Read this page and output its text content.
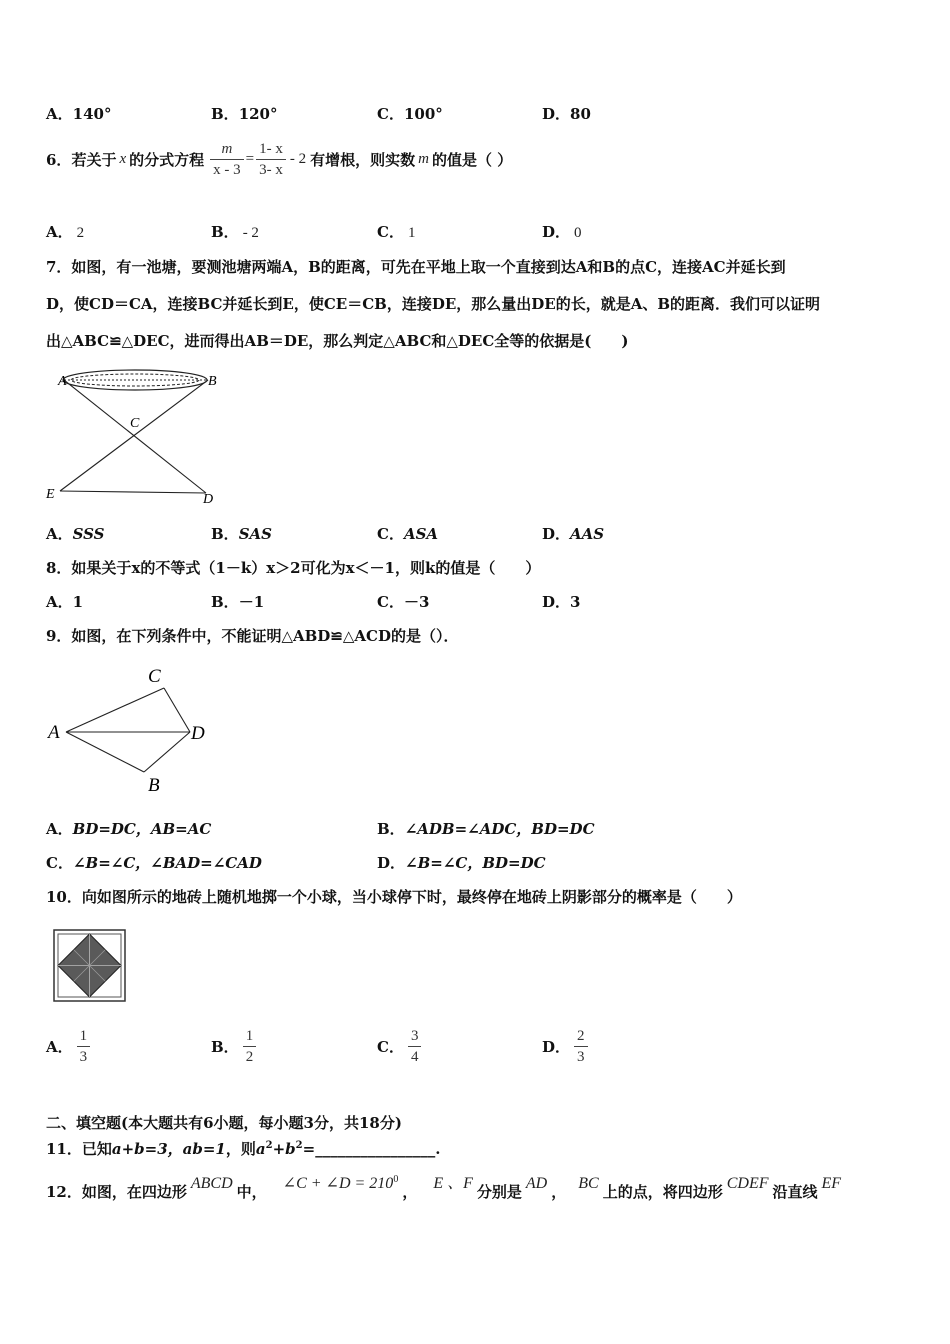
A．140°	B．120°	C．100°	D．80
6． 若关于 x 的分式方程 $\frac{m}{x - 3} = \frac{1- x}{3- x} - 2$ 有增根，则实数 m 的值是（ ）
A． 2	B． - 2	C． 1	D． 0
7．如图，有一池塘，要测池塘两端A，B的距离，可先在平地上取一个直接到达A和B的点C，连接AC并延长到
D，使CD＝CA，连接BC并延长到E，使CE＝CB，连接DE，那么量出DE的长，就是A、B的距离．我们可以证明
出△ABC≌△DEC，进而得出AB＝DE，那么判定△ABC和△DEC全等的依据是(　　)
A	B
C
E	D
A．SSS	B．SAS	C．ASA	D．AAS
8．如果关于x的不等式（1－k）x＞2可化为x＜－1，则k的值是（　　）
A．1	B．－1	C．－3	D．3
9．如图，在下列条件中，不能证明△ABD≌△ACD的是（）．
A
C
D
B
A．BD=DC，AB=AC	B．∠ADB=∠ADC，BD=DC
C．∠B=∠C，∠BAD=∠CAD	D．∠B=∠C，BD=DC
10．向如图所示的地砖上随机地掷一个小球，当小球停下时，最终停在地砖上阴影部分的概率是（　　）
A． $\frac{1}{3}$	B． $\frac{1}{2}$	C． $\frac{3}{4}$	D． $\frac{2}{3}$
二、填空题(本大题共有6小题，每小题3分，共18分)
11．已知a+b=3，ab=1，则$a^2+b^2=\_\_\_\_\_\_\_\_\_\_\_\_\_\_\_\_$.
12．如图，在四边形 ABCD 中， ∠C + ∠D = $210^0$
， E 、F 分别是 AD ， BC 上的点，将四边形 CDEF 沿直线 EF
